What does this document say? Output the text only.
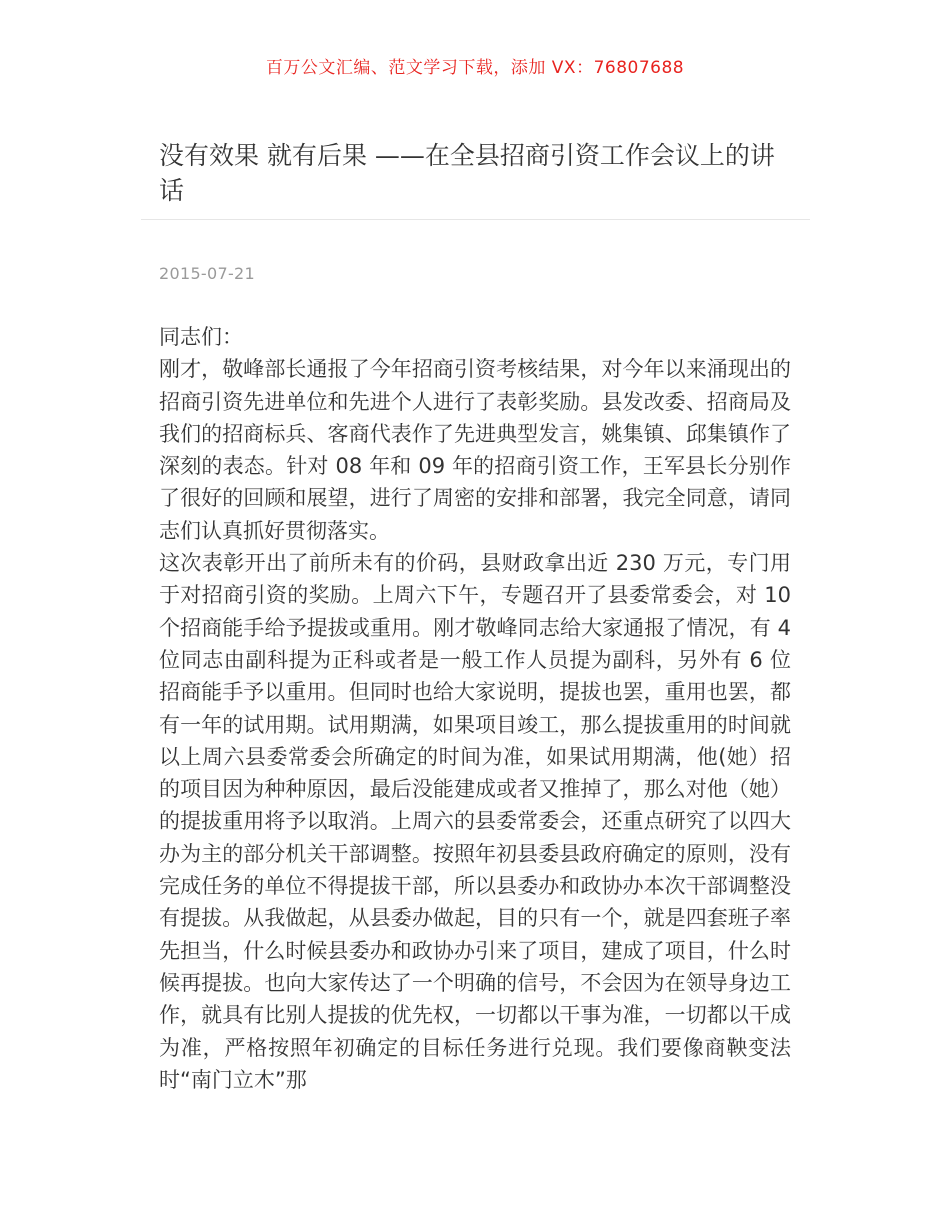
百万公文汇编、范文学习下载，添加 VX：76807688
没有效果 就有后果 ——在全县招商引资工作会议上的讲话
2015-07-21

同志们：

刚才，敬峰部长通报了今年招商引资考核结果，对今年以来涌现出的招商引资先进单位和先进个人进行了表彰奖励。县发改委、招商局及我们的招商标兵、客商代表作了先进典型发言，姚集镇、邱集镇作了深刻的表态。针对 08 年和 09 年的招商引资工作，王军县长分别作了很好的回顾和展望，进行了周密的安排和部署，我完全同意，请同志们认真抓好贯彻落实。

这次表彰开出了前所未有的价码，县财政拿出近 230 万元，专门用于对招商引资的奖励。上周六下午，专题召开了县委常委会，对 10 个招商能手给予提拔或重用。刚才敬峰同志给大家通报了情况，有 4 位同志由副科提为正科或者是一般工作人员提为副科，另外有 6 位招商能手予以重用。但同时也给大家说明，提拔也罢，重用也罢，都有一年的试用期。试用期满，如果项目竣工，那么提拔重用的时间就以上周六县委常委会所确定的时间为准，如果试用期满，他(她）招的项目因为种种原因，最后没能建成或者又推掉了，那么对他（她）的提拔重用将予以取消。上周六的县委常委会，还重点研究了以四大办为主的部分机关干部调整。按照年初县委县政府确定的原则，没有完成任务的单位不得提拔干部，所以县委办和政协办本次干部调整没有提拔。从我做起，从县委办做起，目的只有一个，就是四套班子率先担当，什么时候县委办和政协办引来了项目，建成了项目，什么时候再提拔。也向大家传达了一个明确的信号，不会因为在领导身边工作，就具有比别人提拔的优先权，一切都以干事为准，一切都以干成为准，严格按照年初确定的目标任务进行兑现。我们要像商鞅变法时“南门立木”那
